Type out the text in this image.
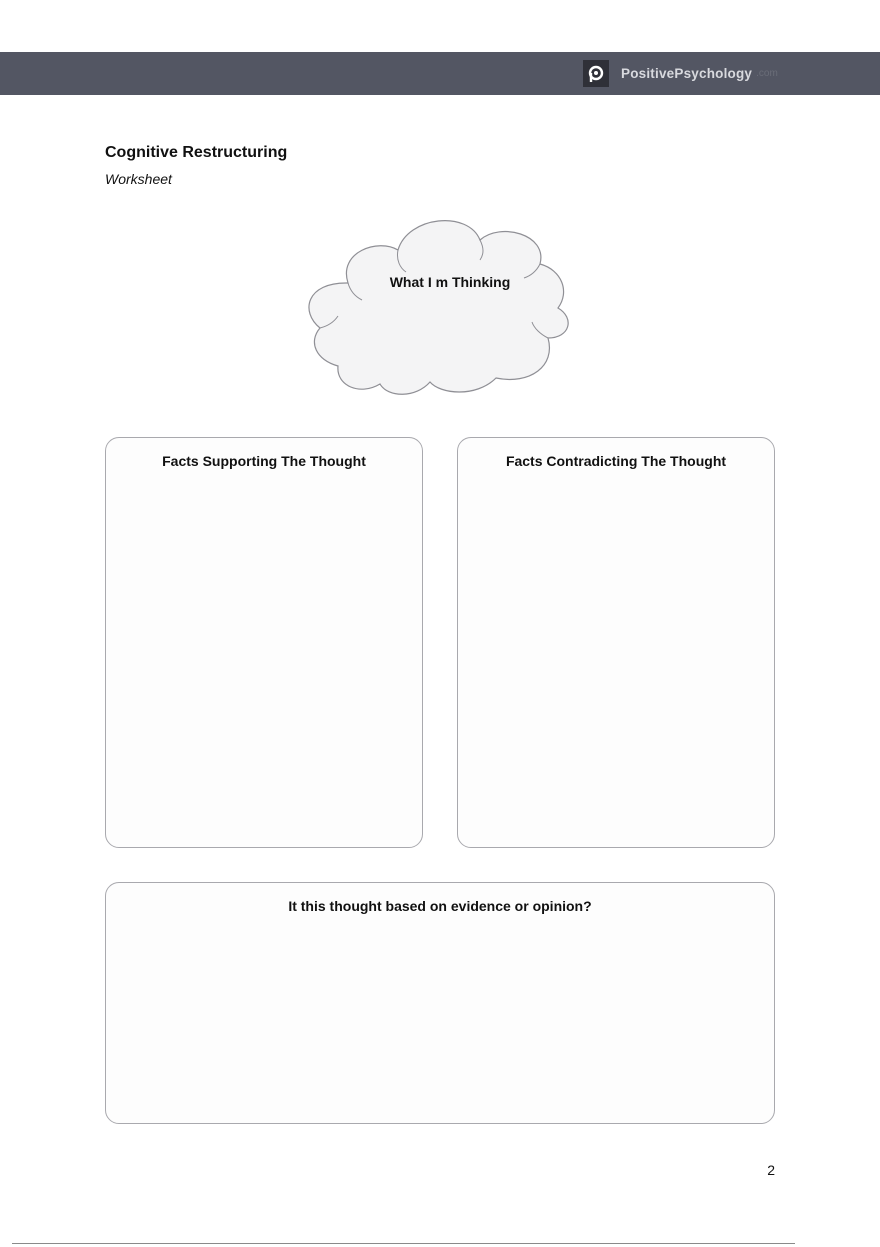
PositivePsychology .com
Cognitive Restructuring

Worksheet

What I m Thinking
Facts Supporting The Thought	Facts Contradicting The Thought
It this thought based on evidence or opinion?
2
